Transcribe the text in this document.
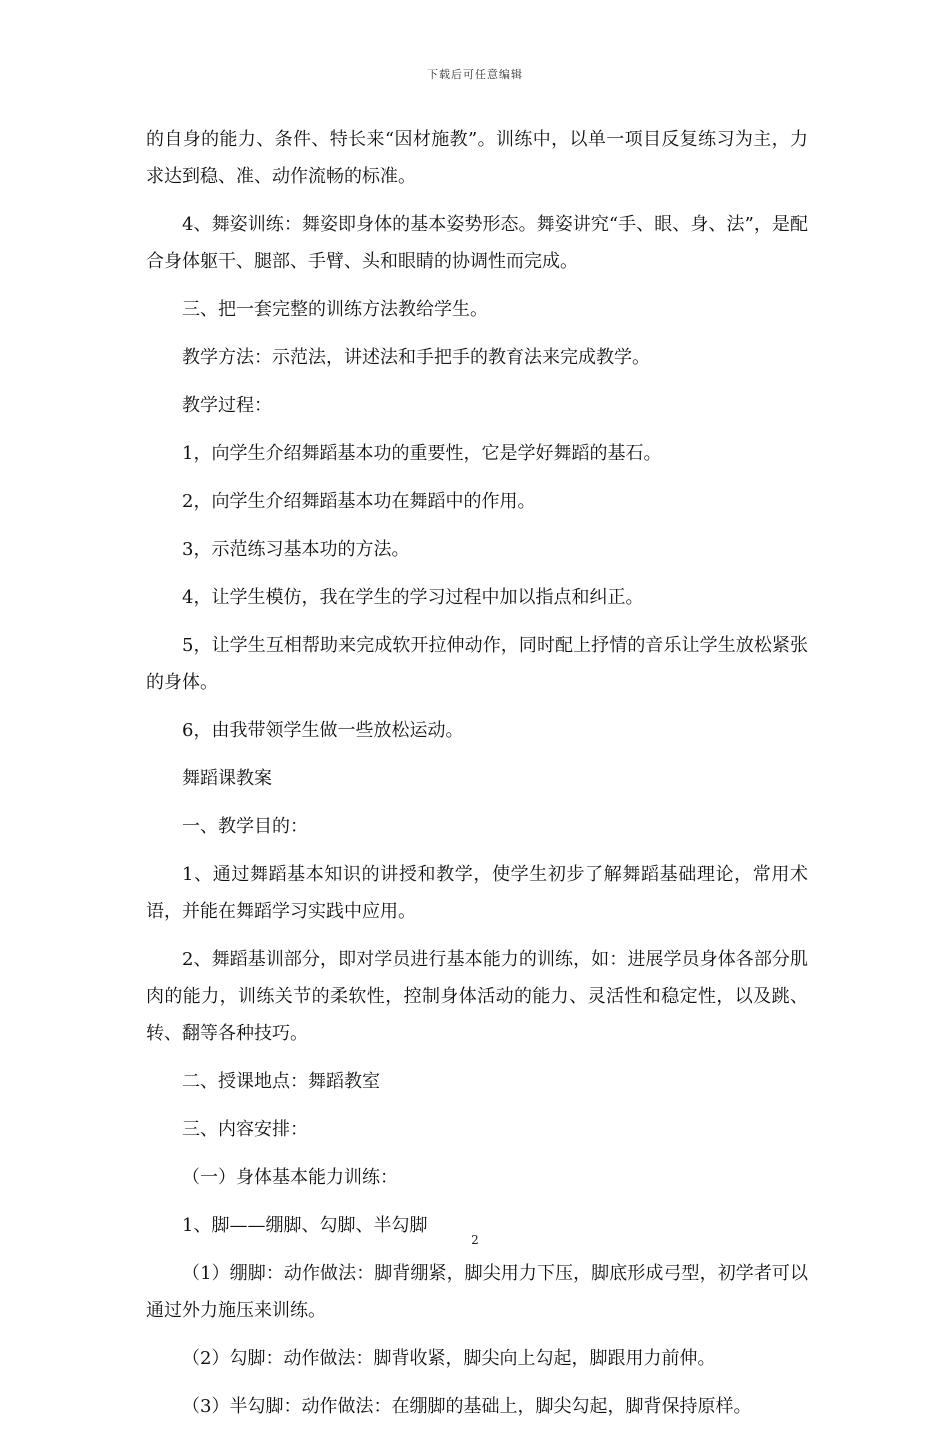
下载后可任意编辑

的自身的能力、条件、特长来“因材施教”。训练中，以单一项目反复练习为主，力求达到稳、准、动作流畅的标准。

4、舞姿训练：舞姿即身体的基本姿势形态。舞姿讲究“手、眼、身、法”，是配合身体躯干、腿部、手臂、头和眼睛的协调性而完成。

三、把一套完整的训练方法教给学生。

教学方法：示范法，讲述法和手把手的教育法来完成教学。

教学过程：

1，向学生介绍舞蹈基本功的重要性，它是学好舞蹈的基石。

2，向学生介绍舞蹈基本功在舞蹈中的作用。

3，示范练习基本功的方法。

4，让学生模仿，我在学生的学习过程中加以指点和纠正。

5，让学生互相帮助来完成软开拉伸动作，同时配上抒情的音乐让学生放松紧张的身体。

6，由我带领学生做一些放松运动。

舞蹈课教案

一、教学目的：

1、通过舞蹈基本知识的讲授和教学，使学生初步了解舞蹈基础理论，常用术语，并能在舞蹈学习实践中应用。

2、舞蹈基训部分，即对学员进行基本能力的训练，如：进展学员身体各部分肌肉的能力，训练关节的柔软性，控制身体活动的能力、灵活性和稳定性，以及跳、转、翻等各种技巧。

二、授课地点：舞蹈教室

三、内容安排：

（一）身体基本能力训练：

1、脚——绷脚、勾脚、半勾脚

（1）绷脚：动作做法：脚背绷紧，脚尖用力下压，脚底形成弓型，初学者可以通过外力施压来训练。

（2）勾脚：动作做法：脚背收紧，脚尖向上勾起，脚跟用力前伸。

（3）半勾脚：动作做法：在绷脚的基础上，脚尖勾起，脚背保持原样。

2
